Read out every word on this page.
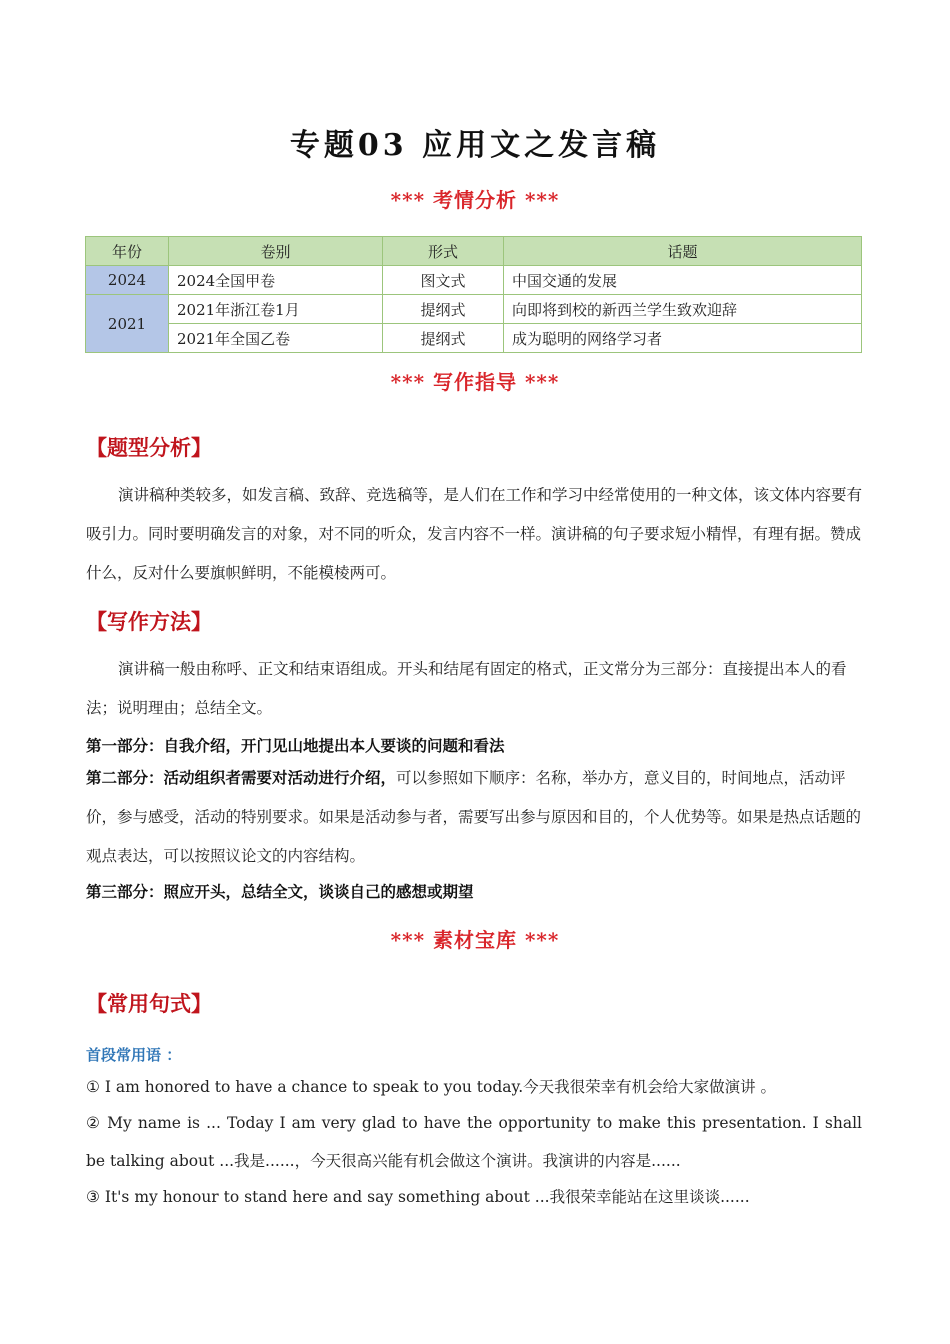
专题03 应用文之发言稿
*** 考情分析 ***
年份	卷别	形式	话题
2024	2024全国甲卷	图文式	中国交通的发展
2021	2021年浙江卷1月	提纲式	向即将到校的新西兰学生致欢迎辞
	2021年全国乙卷	提纲式	成为聪明的网络学习者
*** 写作指导 ***
【题型分析】
演讲稿种类较多，如发言稿、致辞、竞选稿等，是人们在工作和学习中经常使用的一种文体，该文体内容要有吸引力。同时要明确发言的对象，对不同的听众，发言内容不一样。演讲稿的句子要求短小精悍，有理有据。赞成什么，反对什么要旗帜鲜明，不能模棱两可。
【写作方法】
演讲稿一般由称呼、正文和结束语组成。开头和结尾有固定的格式，正文常分为三部分：直接提出本人的看法；说明理由；总结全文。
第一部分：自我介绍，开门见山地提出本人要谈的问题和看法
第二部分：活动组织者需要对活动进行介绍，可以参照如下顺序：名称，举办方，意义目的，时间地点，活动评价，参与感受，活动的特别要求。如果是活动参与者，需要写出参与原因和目的，个人优势等。如果是热点话题的观点表达，可以按照议论文的内容结构。
第三部分：照应开头，总结全文，谈谈自己的感想或期望
*** 素材宝库 ***
【常用句式】
首段常用语 ：
① I am honored to have a chance to speak to you today.今天我很荣幸有机会给大家做演讲 。
② My name is ... Today I am very glad to have the opportunity to make this presentation. I shall be talking about ...我是......，今天很高兴能有机会做这个演讲。我演讲的内容是......
③ It's my honour to stand here and say something about ...我很荣幸能站在这里谈谈......
